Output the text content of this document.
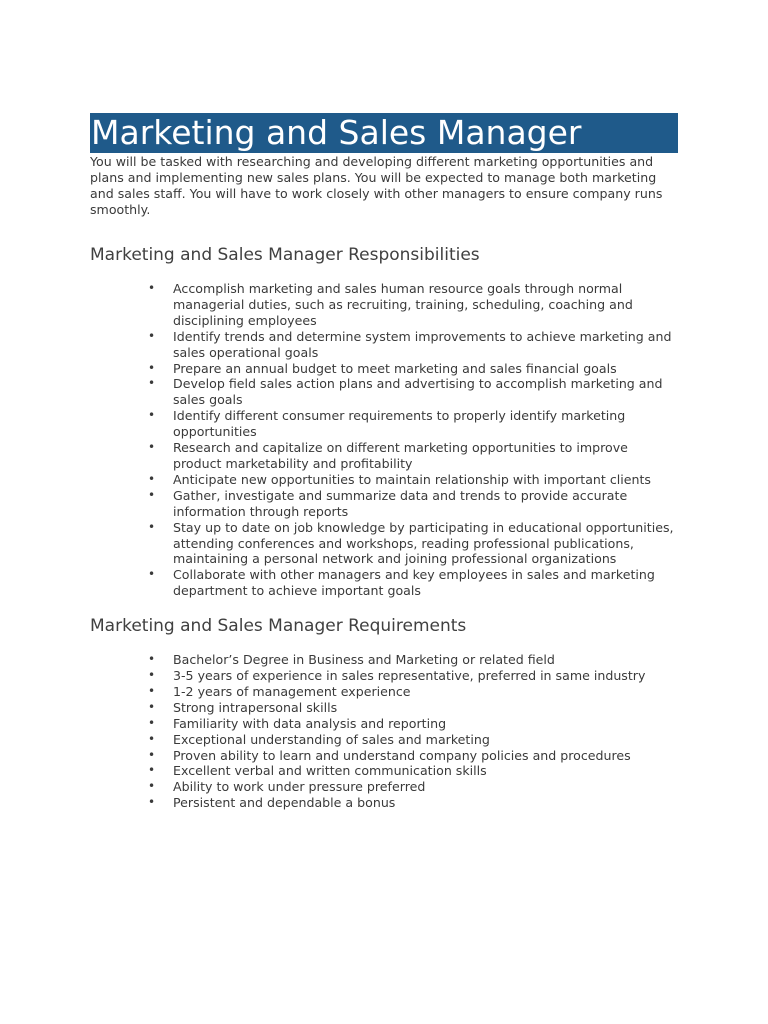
Marketing and Sales Manager

You will be tasked with researching and developing different marketing opportunities and plans and implementing new sales plans. You will be expected to manage both marketing and sales staff. You will have to work closely with other managers to ensure company runs smoothly.

Marketing and Sales Manager Responsibilities
• Accomplish marketing and sales human resource goals through normal managerial duties, such as recruiting, training, scheduling, coaching and disciplining employees
• Identify trends and determine system improvements to achieve marketing and sales operational goals
• Prepare an annual budget to meet marketing and sales financial goals
• Develop field sales action plans and advertising to accomplish marketing and sales goals
• Identify different consumer requirements to properly identify marketing opportunities
• Research and capitalize on different marketing opportunities to improve product marketability and profitability
• Anticipate new opportunities to maintain relationship with important clients
• Gather, investigate and summarize data and trends to provide accurate information through reports
• Stay up to date on job knowledge by participating in educational opportunities, attending conferences and workshops, reading professional publications, maintaining a personal network and joining professional organizations
• Collaborate with other managers and key employees in sales and marketing department to achieve important goals
Marketing and Sales Manager Requirements
• Bachelor’s Degree in Business and Marketing or related field
• 3-5 years of experience in sales representative, preferred in same industry
• 1-2 years of management experience
• Strong intrapersonal skills
• Familiarity with data analysis and reporting
• Exceptional understanding of sales and marketing
• Proven ability to learn and understand company policies and procedures
• Excellent verbal and written communication skills
• Ability to work under pressure preferred
• Persistent and dependable a bonus
